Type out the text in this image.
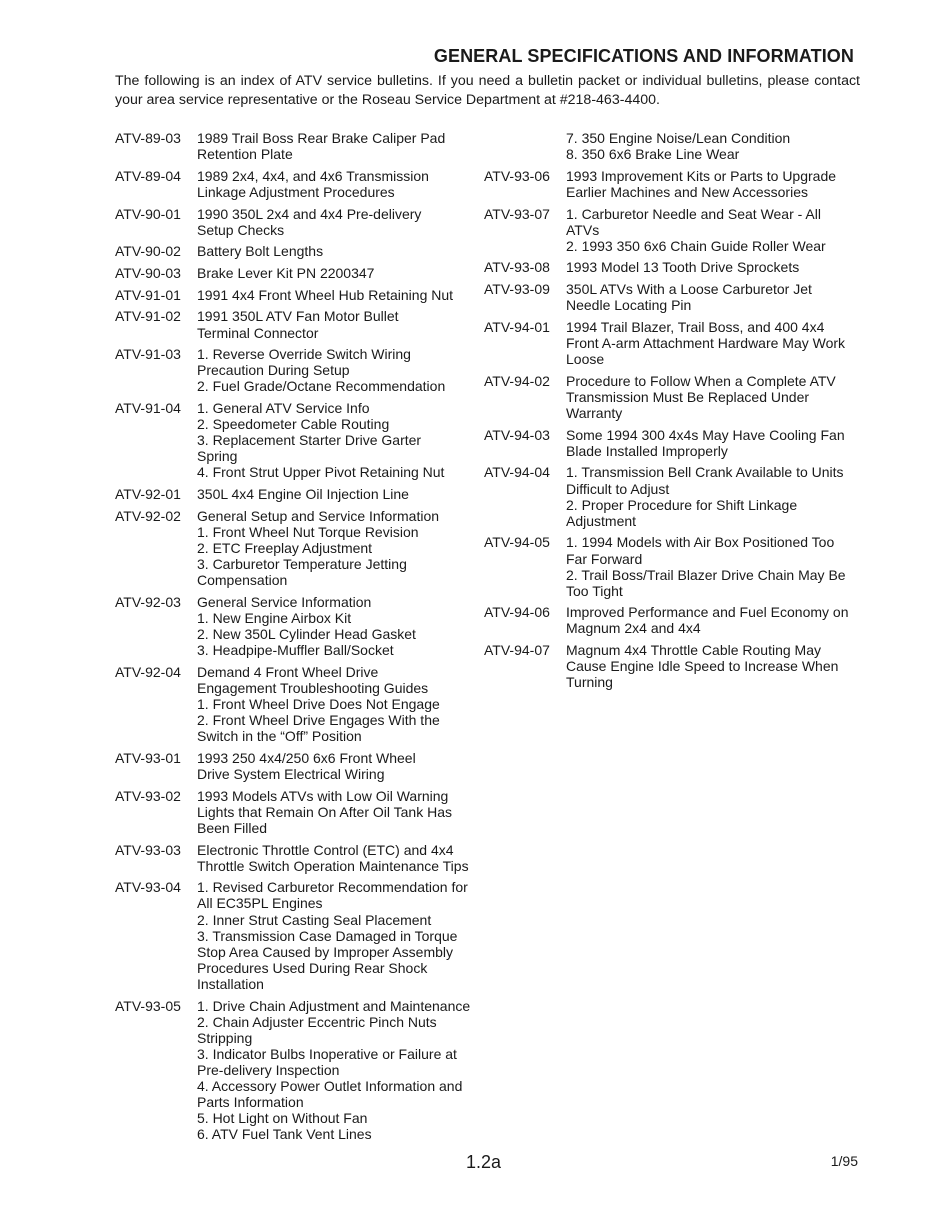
GENERAL SPECIFICATIONS AND INFORMATION
The following is an index of ATV service bulletins. If you need a bulletin packet or individual bulletins, please contact your area service representative or the Roseau Service Department at #218-463-4400.
ATV-89-03	1989 Trail Boss Rear Brake Caliper Pad
Retention Plate
ATV-89-04	1989 2x4, 4x4, and 4x6 Transmission
Linkage Adjustment Procedures
ATV-90-01	1990 350L 2x4 and 4x4 Pre-delivery
Setup Checks
ATV-90-02	Battery Bolt Lengths
ATV-90-03	Brake Lever Kit PN 2200347
ATV-91-01	1991 4x4 Front Wheel Hub Retaining Nut
ATV-91-02	1991 350L ATV Fan Motor Bullet
Terminal Connector
ATV-91-03	1. Reverse Override Switch Wiring
Precaution During Setup
2. Fuel Grade/Octane Recommendation
ATV-91-04	1. General ATV Service Info
2. Speedometer Cable Routing
3. Replacement Starter Drive Garter
Spring
4. Front Strut Upper Pivot Retaining Nut
ATV-92-01	350L 4x4 Engine Oil Injection Line
ATV-92-02	General Setup and Service Information
1. Front Wheel Nut Torque Revision
2. ETC Freeplay Adjustment
3. Carburetor Temperature Jetting
Compensation
ATV-92-03	General Service Information
1. New Engine Airbox Kit
2. New 350L Cylinder Head Gasket
3. Headpipe-Muffler Ball/Socket
ATV-92-04	Demand 4 Front Wheel Drive
Engagement Troubleshooting Guides
1. Front Wheel Drive Does Not Engage
2. Front Wheel Drive Engages With the
Switch in the “Off” Position
ATV-93-01	1993 250 4x4/250 6x6 Front Wheel
Drive System Electrical Wiring
ATV-93-02	1993 Models ATVs with Low Oil Warning
Lights that Remain On After Oil Tank Has
Been Filled
ATV-93-03	Electronic Throttle Control (ETC) and 4x4
Throttle Switch Operation Maintenance Tips
ATV-93-04	1. Revised Carburetor Recommendation for
All EC35PL Engines
2. Inner Strut Casting Seal Placement
3. Transmission Case Damaged in Torque
Stop Area Caused by Improper Assembly
Procedures Used During Rear Shock
Installation
ATV-93-05	1. Drive Chain Adjustment and Maintenance
2. Chain Adjuster Eccentric Pinch Nuts
Stripping
3. Indicator Bulbs Inoperative or Failure at
Pre-delivery Inspection
4. Accessory Power Outlet Information and
Parts Information
5. Hot Light on Without Fan
6. ATV Fuel Tank Vent Lines
7. 350 Engine Noise/Lean Condition
8. 350 6x6 Brake Line Wear
ATV-93-06	1993 Improvement Kits or Parts to Upgrade
Earlier Machines and New Accessories
ATV-93-07	1. Carburetor Needle and Seat Wear - All
ATVs
2. 1993 350 6x6 Chain Guide Roller Wear
ATV-93-08	1993 Model 13 Tooth Drive Sprockets
ATV-93-09	350L ATVs With a Loose Carburetor Jet
Needle Locating Pin
ATV-94-01	1994 Trail Blazer, Trail Boss, and 400 4x4
Front A-arm Attachment Hardware May Work
Loose
ATV-94-02	Procedure to Follow When a Complete ATV
Transmission Must Be Replaced Under
Warranty
ATV-94-03	Some 1994 300 4x4s May Have Cooling Fan
Blade Installed Improperly
ATV-94-04	1. Transmission Bell Crank Available to Units
Difficult to Adjust
2. Proper Procedure for Shift Linkage
Adjustment
ATV-94-05	1. 1994 Models with Air Box Positioned Too
Far Forward
2. Trail Boss/Trail Blazer Drive Chain May Be
Too Tight
ATV-94-06	Improved Performance and Fuel Economy on
Magnum 2x4 and 4x4
ATV-94-07	Magnum 4x4 Throttle Cable Routing May
Cause Engine Idle Speed to Increase When
Turning
1.2a	1/95
